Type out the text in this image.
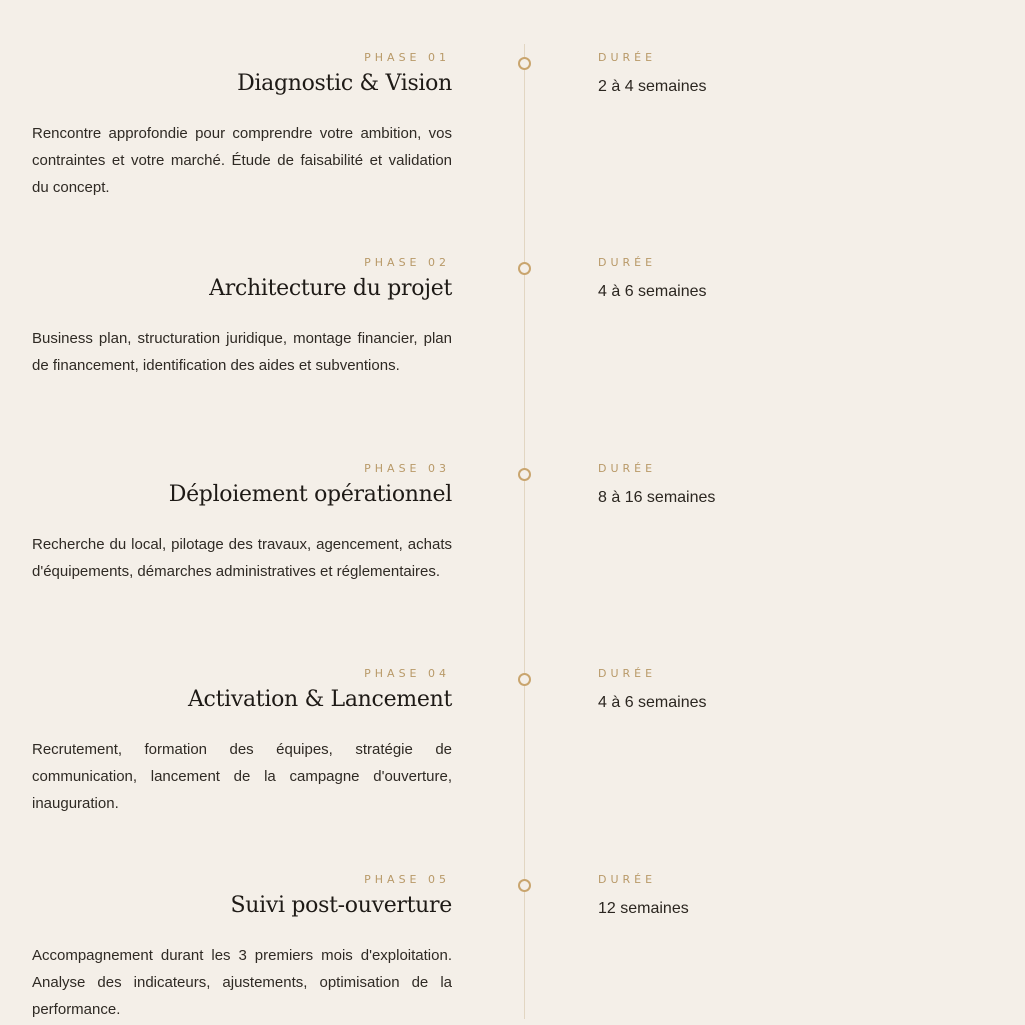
PHASE 01
Diagnostic & Vision

Rencontre approfondie pour comprendre votre ambition, vos contraintes et votre marché. Étude de faisabilité et validation du concept.

DURÉE
2 à 4 semaines
PHASE 02
Architecture du projet

Business plan, structuration juridique, montage financier, plan de financement, identification des aides et subventions.

DURÉE
4 à 6 semaines
PHASE 03
Déploiement opérationnel

Recherche du local, pilotage des travaux, agencement, achats d'équipements, démarches administratives et réglementaires.

DURÉE
8 à 16 semaines
PHASE 04
Activation & Lancement

Recrutement, formation des équipes, stratégie de communication, lancement de la campagne d'ouverture, inauguration.

DURÉE
4 à 6 semaines
PHASE 05
Suivi post-ouverture

Accompagnement durant les 3 premiers mois d'exploitation. Analyse des indicateurs, ajustements, optimisation de la performance.

DURÉE
12 semaines
